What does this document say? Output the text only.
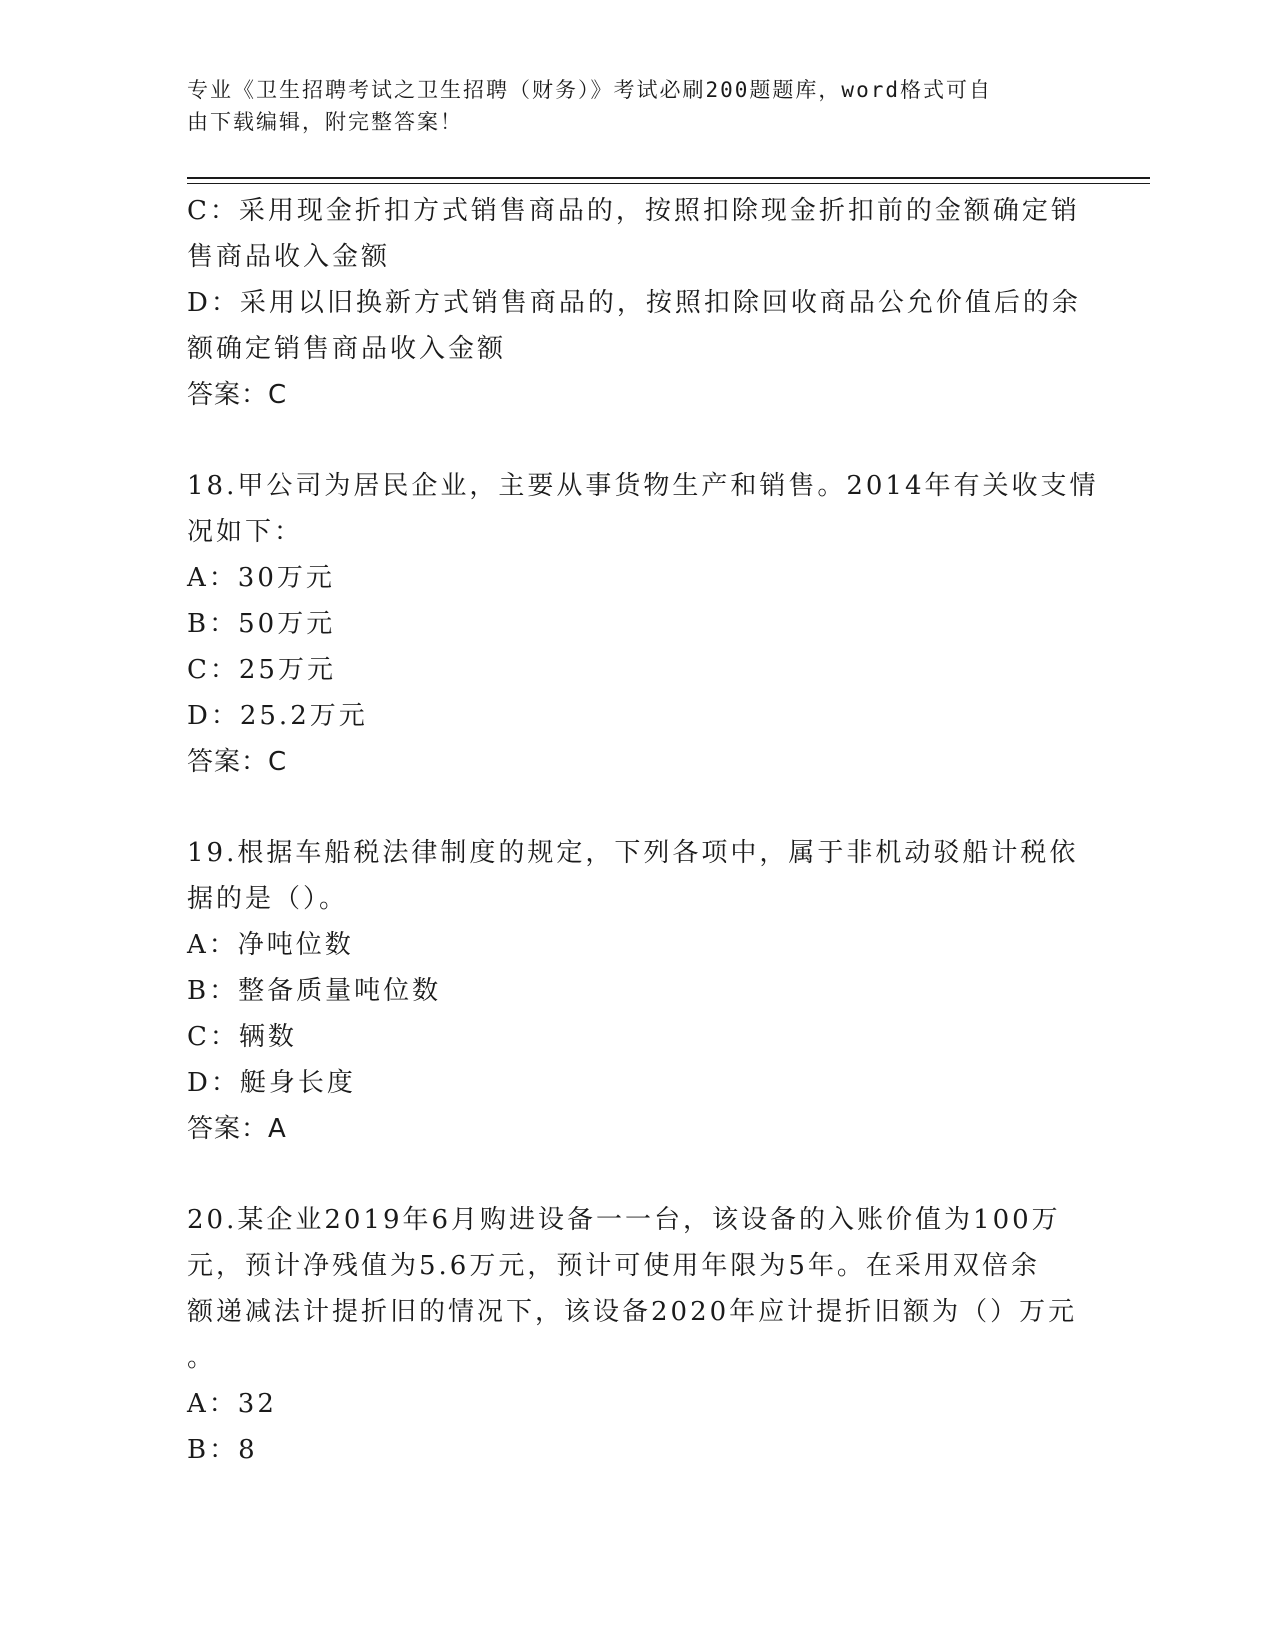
专业《卫生招聘考试之卫生招聘（财务）》考试必刷200题题库，word格式可自
由下载编辑，附完整答案！
C：采用现金折扣方式销售商品的，按照扣除现金折扣前的金额确定销
售商品收入金额
D：采用以旧换新方式销售商品的，按照扣除回收商品公允价值后的余
额确定销售商品收入金额
答案：C
18.甲公司为居民企业，主要从事货物生产和销售。2014年有关收支情
况如下：
A：30万元
B：50万元
C：25万元
D：25.2万元
答案：C
19.根据车船税法律制度的规定，下列各项中，属于非机动驳船计税依
据的是（）。
A：净吨位数
B：整备质量吨位数
C：辆数
D：艇身长度
答案：A
20.某企业2019年6月购进设备一一台，该设备的入账价值为100万
元，预计净残值为5.6万元，预计可使用年限为5年。在采用双倍余
额递减法计提折旧的情况下，该设备2020年应计提折旧额为（）万元
。
A：32
B：8
